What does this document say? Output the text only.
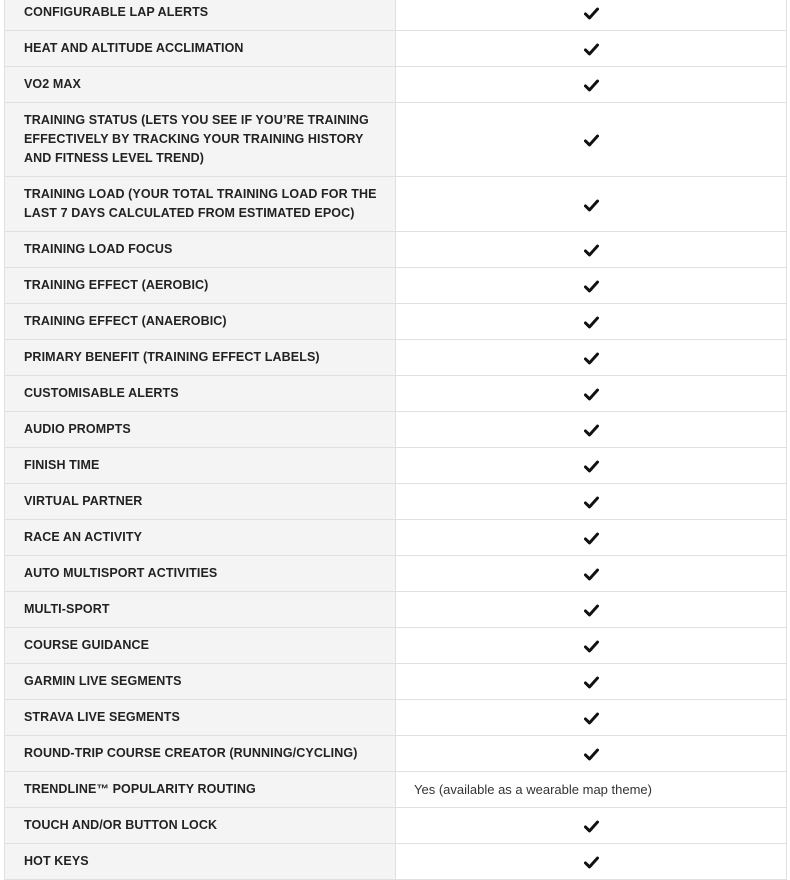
CONFIGURABLE LAP ALERTS	
HEAT AND ALTITUDE ACCLIMATION	
VO2 MAX	
TRAINING STATUS (LETS YOU SEE IF YOU’RE TRAINING EFFECTIVELY BY TRACKING YOUR TRAINING HISTORY AND FITNESS LEVEL TREND)	
TRAINING LOAD (YOUR TOTAL TRAINING LOAD FOR THE LAST 7 DAYS CALCULATED FROM ESTIMATED EPOC)	
TRAINING LOAD FOCUS	
TRAINING EFFECT (AEROBIC)	
TRAINING EFFECT (ANAEROBIC)	
PRIMARY BENEFIT (TRAINING EFFECT LABELS)	
CUSTOMISABLE ALERTS	
AUDIO PROMPTS	
FINISH TIME	
VIRTUAL PARTNER	
RACE AN ACTIVITY	
AUTO MULTISPORT ACTIVITIES	
MULTI-SPORT	
COURSE GUIDANCE	
GARMIN LIVE SEGMENTS	
STRAVA LIVE SEGMENTS	
ROUND-TRIP COURSE CREATOR (RUNNING/CYCLING)	
TRENDLINE™ POPULARITY ROUTING	Yes (available as a wearable map theme)
TOUCH AND/OR BUTTON LOCK	
HOT KEYS	
